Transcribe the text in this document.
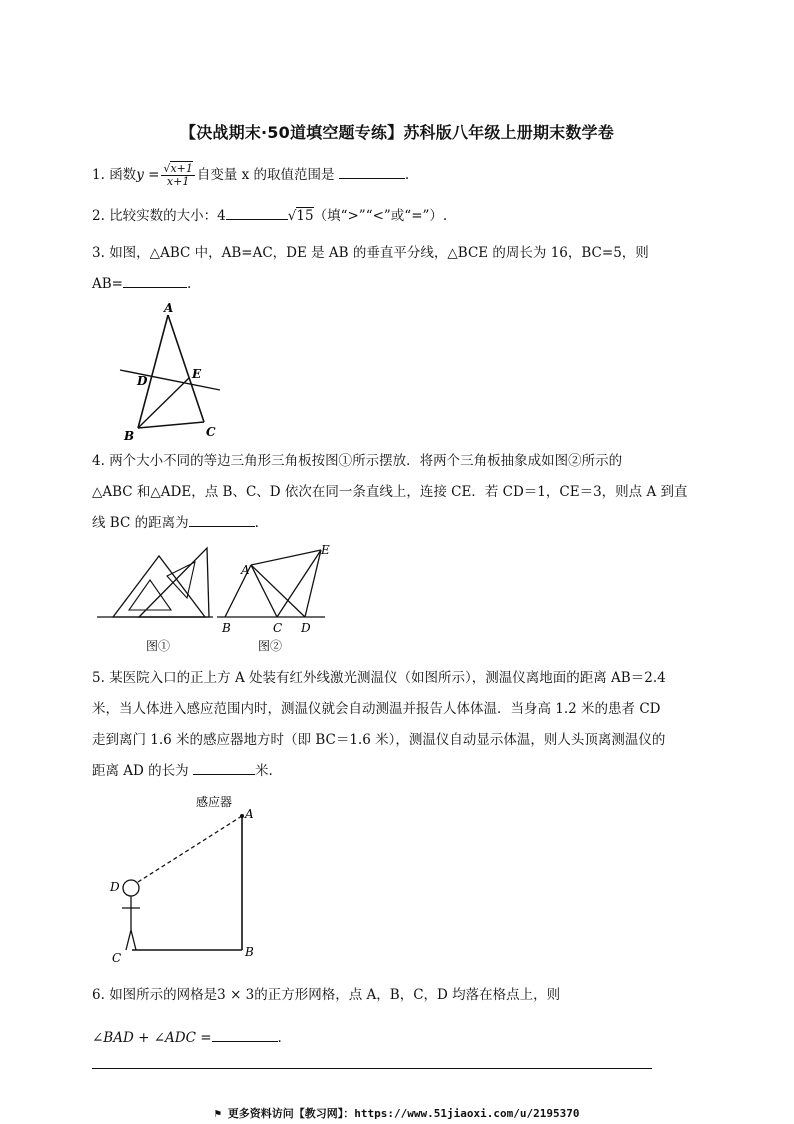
【决战期末·50道填空题专练】苏科版八年级上册期末数学卷
1. 函数$y = \frac{√x+1}{x+1}$ 自变量 x 的取值范围是	.
2. 比较实数的大小：4	√15（填“>”“<”或“=”）.
3. 如图，△ABC 中，AB=AC，DE 是 AB 的垂直平分线，△BCE 的周长为 16，BC=5，则
AB=	.
A
D	E
B	C
4. 两个大小不同的等边三角形三角板按图①所示摆放．将两个三角板抽象成如图②所示的
△ABC 和△ADE，点 B、C、D 依次在同一条直线上，连接 CE．若 CD＝1，CE＝3，则点 A 到直
线 BC 的距离为	.
图①
A
E
B	C D
图②
5. 某医院入口的正上方 A 处装有红外线激光测温仪（如图所示），测温仪离地面的距离 AB＝2.4
米，当人体进入感应范围内时，测温仪就会自动测温并报告人体体温．当身高 1.2 米的患者 CD
走到离门 1.6 米的感应器地方时（即 BC＝1.6 米），测温仪自动显示体温，则人头顶离测温仪的
距离 AD 的长为	米.
感应器
A
D
B
C
6. 如图所示的网格是3 × 3的正方形网格，点 A，B，C，D 均落在格点上，则
∠BAD + ∠ADC =	.
⚑ 更多资料访问【教习网】：https://www.51jiaoxi.com/u/2195370
